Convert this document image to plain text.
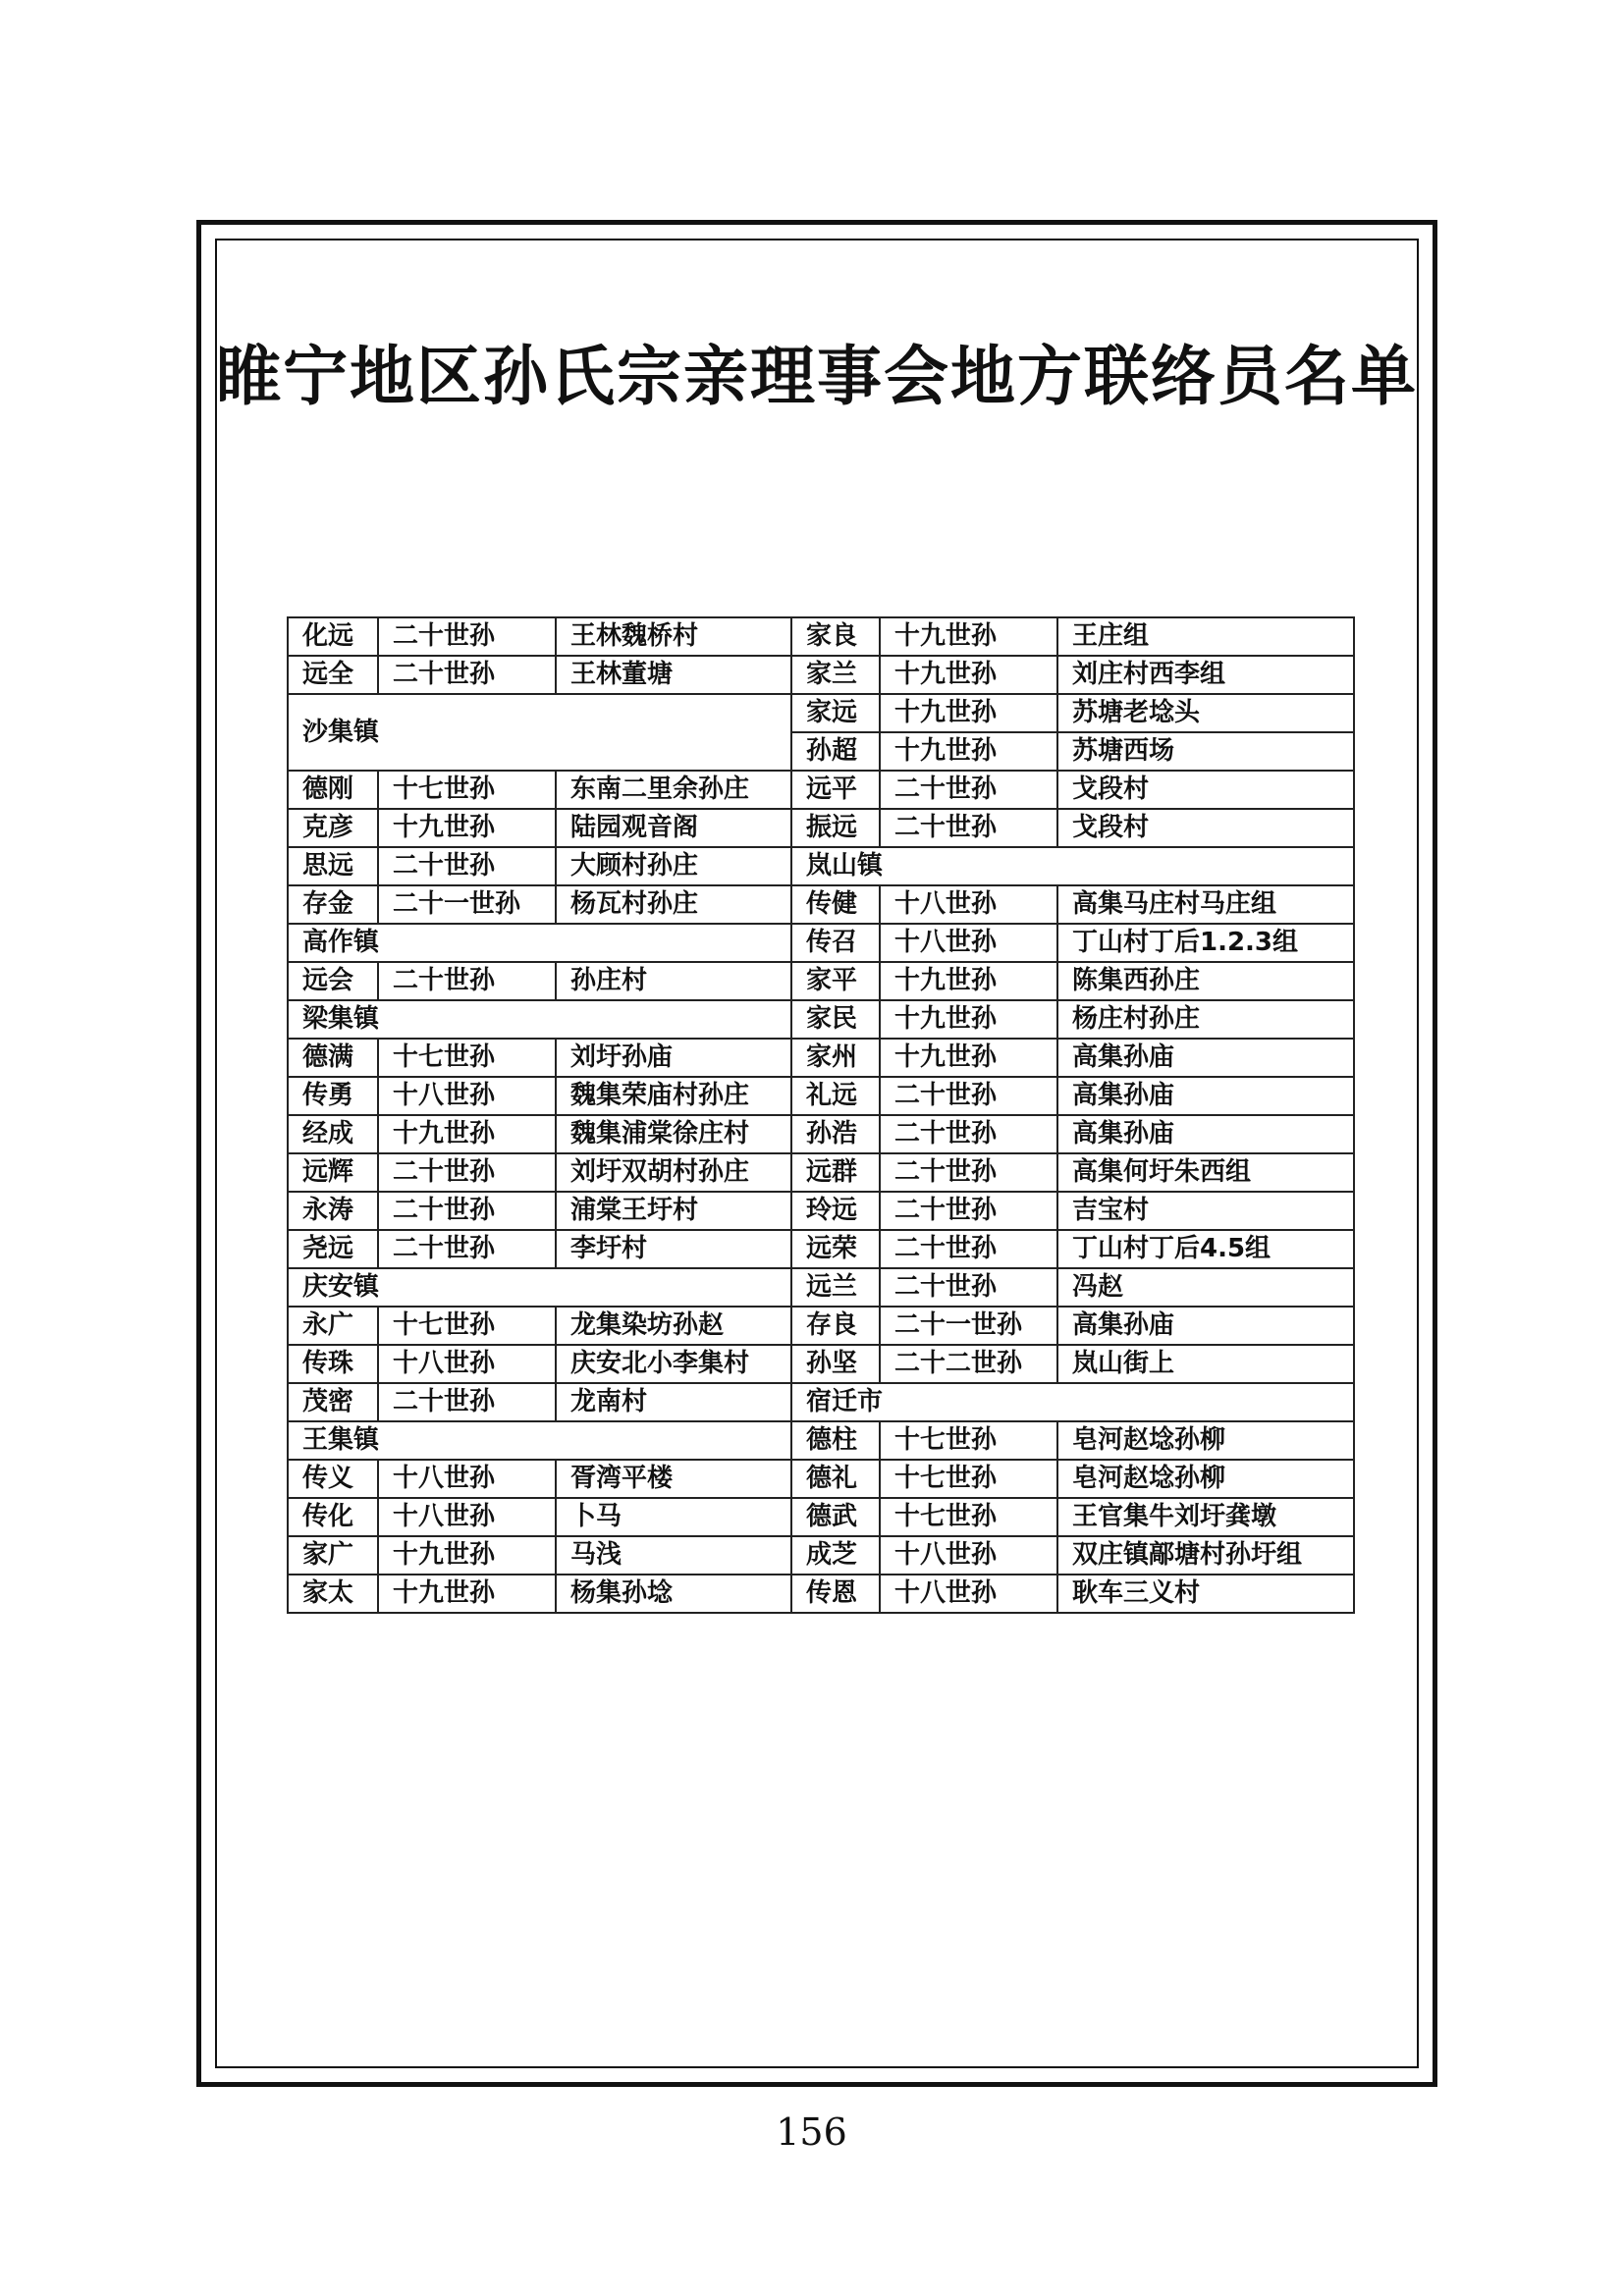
睢宁地区孙氏宗亲理事会地方联络员名单
化远	二十世孙	王林魏桥村	家良	十九世孙	王庄组
远全	二十世孙	王林董塘	家兰	十九世孙	刘庄村西李组
沙集镇			家远	十九世孙	苏塘老埝头
			孙超	十九世孙	苏塘西场
德刚	十七世孙	东南二里余孙庄	远平	二十世孙	戈段村
克彦	十九世孙	陆园观音阁	振远	二十世孙	戈段村
思远	二十世孙	大顾村孙庄	岚山镇		
存金	二十一世孙	杨瓦村孙庄	传健	十八世孙	高集马庄村马庄组
高作镇			传召	十八世孙	丁山村丁后1.2.3组
远会	二十世孙	孙庄村	家平	十九世孙	陈集西孙庄
梁集镇			家民	十九世孙	杨庄村孙庄
德满	十七世孙	刘圩孙庙	家州	十九世孙	高集孙庙
传勇	十八世孙	魏集荣庙村孙庄	礼远	二十世孙	高集孙庙
经成	十九世孙	魏集浦棠徐庄村	孙浩	二十世孙	高集孙庙
远辉	二十世孙	刘圩双胡村孙庄	远群	二十世孙	高集何圩朱西组
永涛	二十世孙	浦棠王圩村	玲远	二十世孙	吉宝村
尧远	二十世孙	李圩村	远荣	二十世孙	丁山村丁后4.5组
庆安镇			远兰	二十世孙	冯赵
永广	十七世孙	龙集染坊孙赵	存良	二十一世孙	高集孙庙
传珠	十八世孙	庆安北小李集村	孙坚	二十二世孙	岚山街上
茂密	二十世孙	龙南村	宿迁市		
王集镇			德柱	十七世孙	皂河赵埝孙柳
传义	十八世孙	胥湾平楼	德礼	十七世孙	皂河赵埝孙柳
传化	十八世孙	卜马	德武	十七世孙	王官集牛刘圩龚墩
家广	十九世孙	马浅	成芝	十八世孙	双庄镇鄗塘村孙圩组
家太	十九世孙	杨集孙埝	传恩	十八世孙	耿车三义村
156
